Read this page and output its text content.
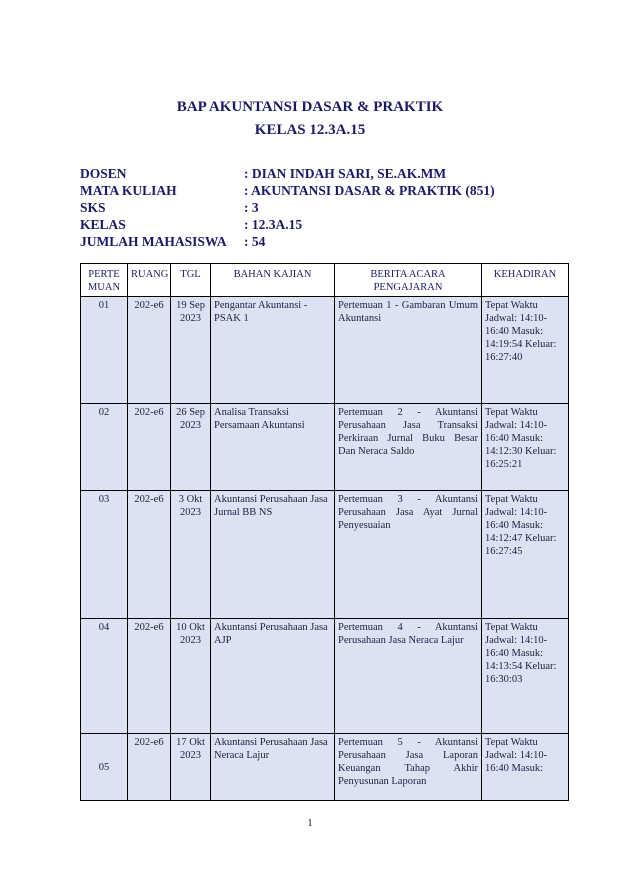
BAP AKUNTANSI DASAR & PRAKTIK
KELAS 12.3A.15
DOSEN	: DIAN INDAH SARI, SE.AK.MM
MATA KULIAH	: AKUNTANSI DASAR & PRAKTIK (851)
SKS	: 3
KELAS	: 12.3A.15
JUMLAH MAHASISWA : 54
PERTE MUAN	RUANG	TGL	BAHAN KAJIAN	BERITA ACARA PENGAJARAN	KEHADIRAN
01	202-e6	19 Sep 2023	Pengantar Akuntansi - PSAK 1	Pertemuan 1 - Gambaran Umum Akuntansi	Tepat Waktu Jadwal: 14:10-16:40 Masuk: 14:19:54 Keluar: 16:27:40
02	202-e6	26 Sep 2023	Analisa Transaksi Persamaan Akuntansi	Pertemuan 2 - Akuntansi Perusahaan Jasa Transaksi Perkiraan Jurnal Buku Besar Dan Neraca Saldo	Tepat Waktu Jadwal: 14:10-16:40 Masuk: 14:12:30 Keluar: 16:25:21
03	202-e6	3 Okt 2023	Akuntansi Perusahaan Jasa Jurnal BB NS	Pertemuan 3 - Akuntansi Perusahaan Jasa Ayat Jurnal Penyesuaian	Tepat Waktu Jadwal: 14:10-16:40 Masuk: 14:12:47 Keluar: 16:27:45
04	202-e6	10 Okt 2023	Akuntansi Perusahaan Jasa AJP	Pertemuan 4 - Akuntansi Perusahaan Jasa Neraca Lajur	Tepat Waktu Jadwal: 14:10-16:40 Masuk: 14:13:54 Keluar: 16:30:03
05	202-e6	17 Okt 2023	Akuntansi Perusahaan Jasa Neraca Lajur	Pertemuan 5 - Akuntansi Perusahaan Jasa Laporan Keuangan Tahap Akhir Penyusunan Laporan	Tepat Waktu Jadwal: 14:10-16:40 Masuk:
1
